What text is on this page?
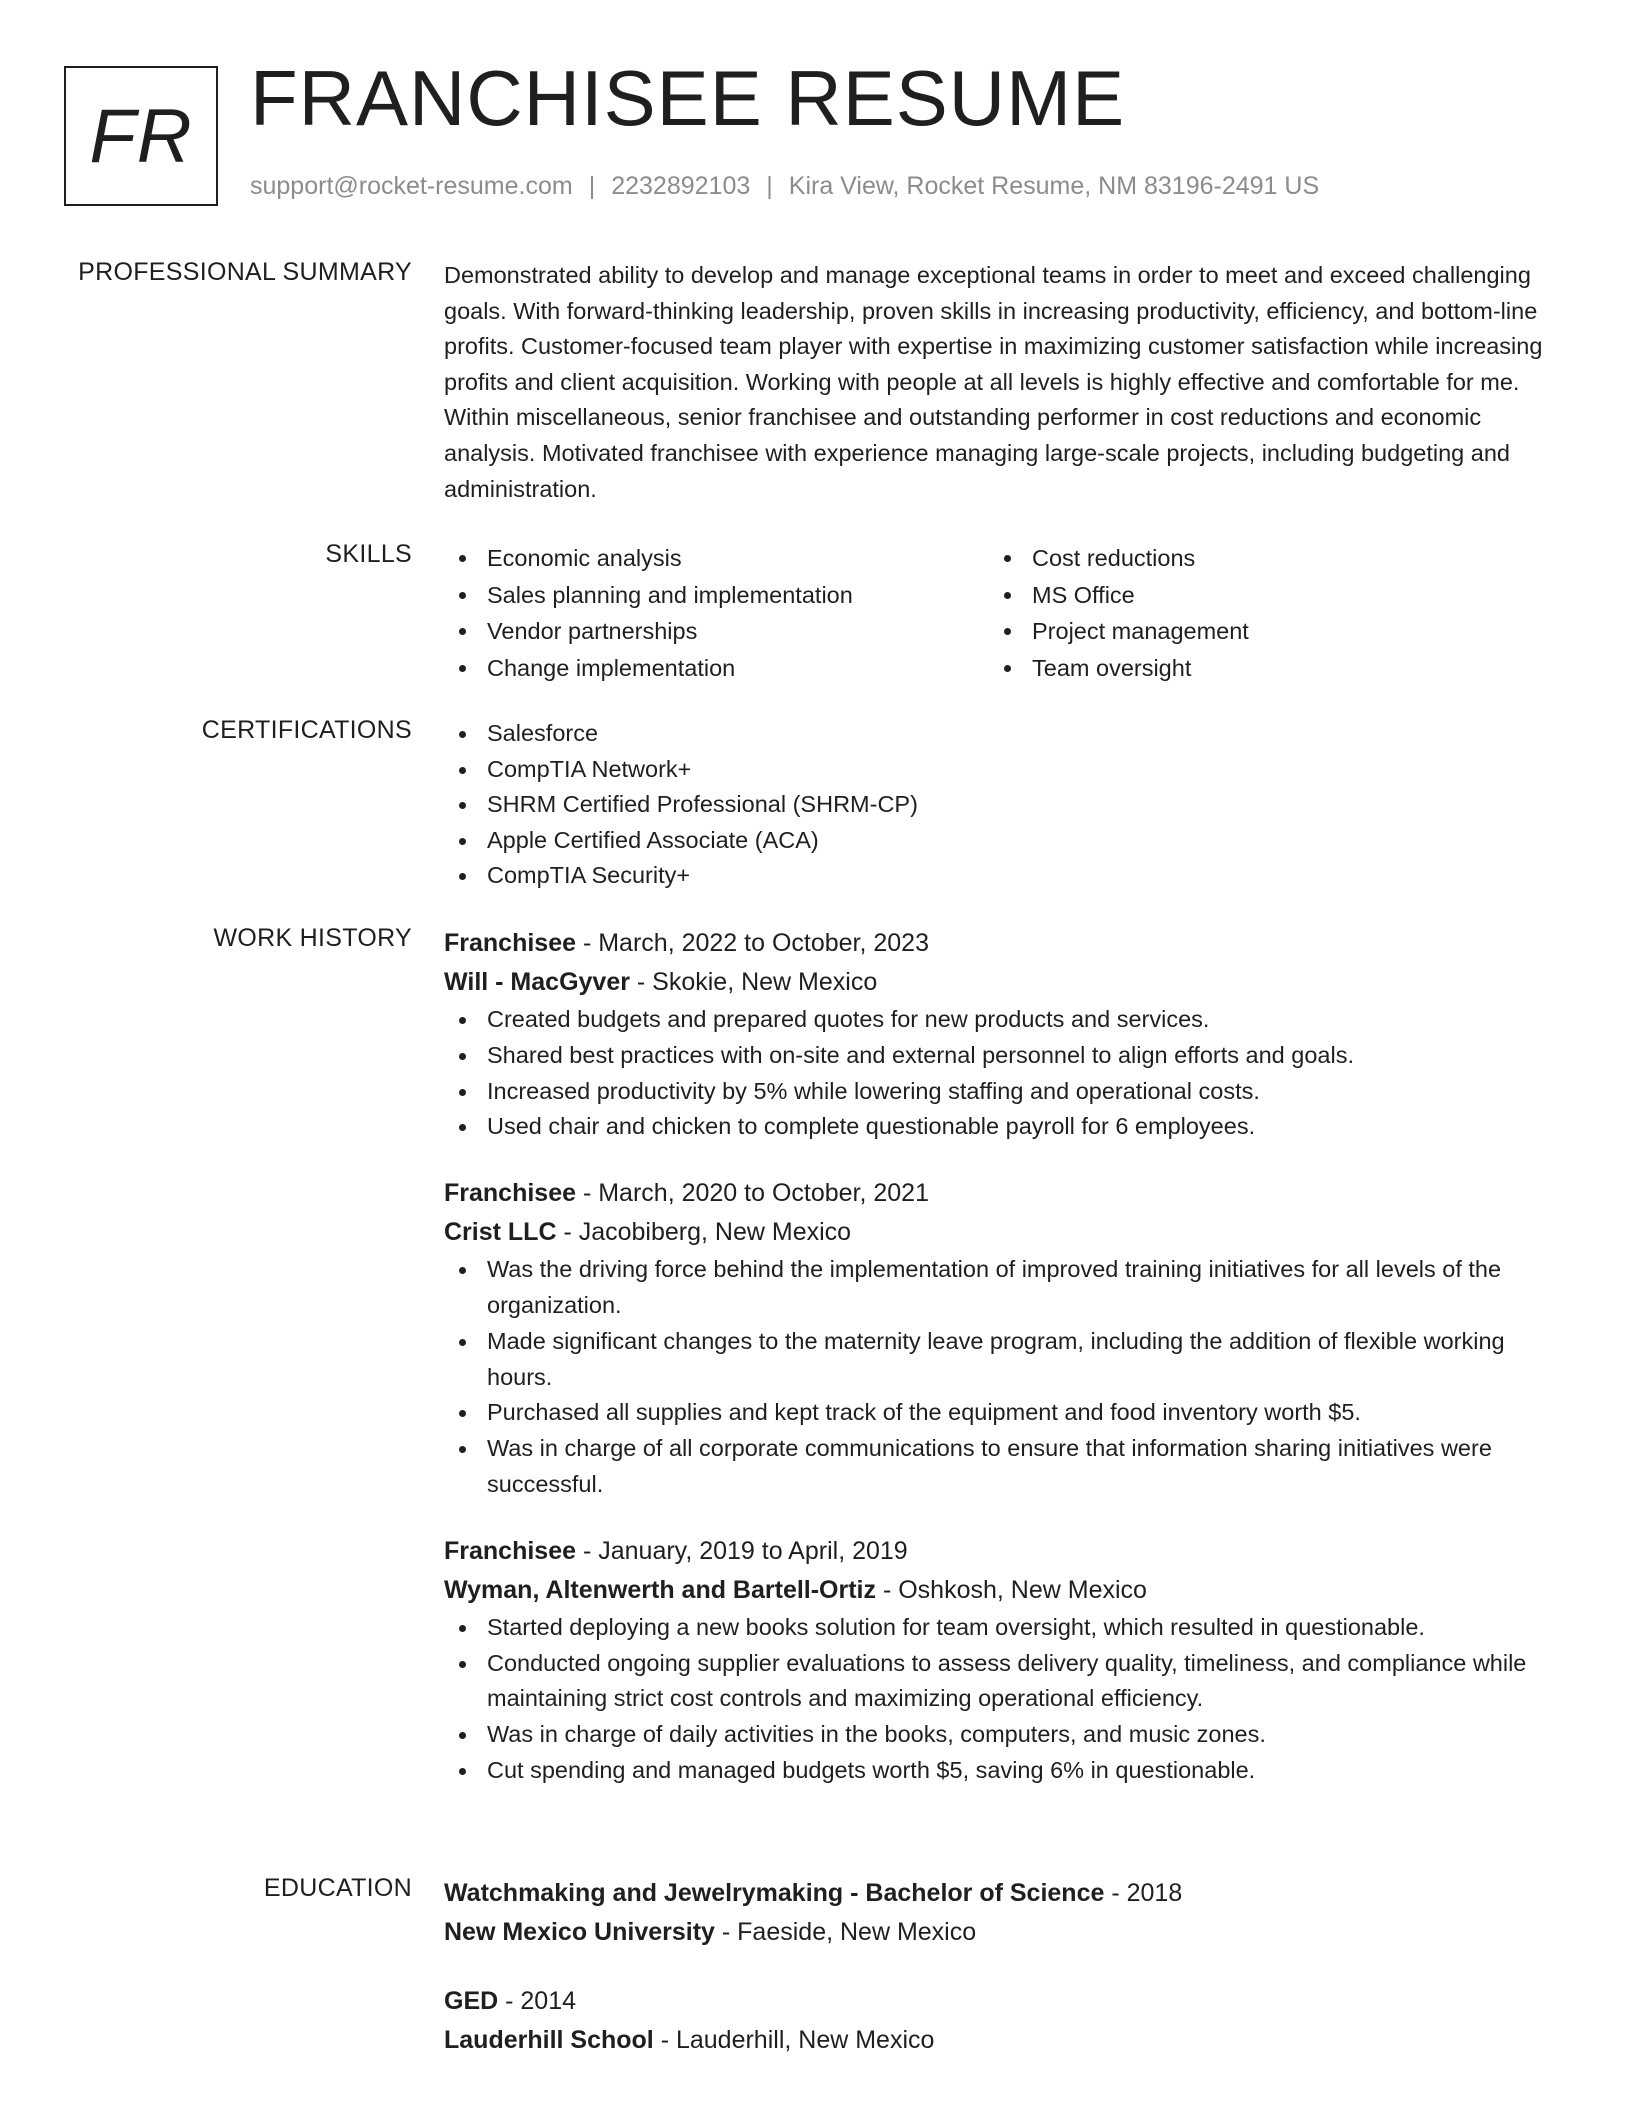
FR FRANCHISEE RESUME
support@rocket-resume.com | 2232892103 | Kira View, Rocket Resume, NM 83196-2491 US
PROFESSIONAL SUMMARY Demonstrated ability to develop and manage exceptional teams in order to meet and exceed challenging goals. With forward-thinking leadership, proven skills in increasing productivity, efficiency, and bottom-line profits. Customer-focused team player with expertise in maximizing customer satisfaction while increasing profits and client acquisition. Working with people at all levels is highly effective and comfortable for me. Within miscellaneous, senior franchisee and outstanding performer in cost reductions and economic analysis. Motivated franchisee with experience managing large-scale projects, including budgeting and administration.

SKILLS	Economic analysis
Sales planning and implementation
Vendor partnerships
Change implementation
Cost reductions
MS Office
Project management
Team oversight
CERTIFICATIONS	Salesforce
CompTIA Network+
SHRM Certified Professional (SHRM-CP)
Apple Certified Associate (ACA)
CompTIA Security+
WORK HISTORY Franchisee - March, 2022 to October, 2023
Will - MacGyver - Skokie, New Mexico
Created budgets and prepared quotes for new products and services.
Shared best practices with on-site and external personnel to align efforts and goals.
Increased productivity by 5% while lowering staffing and operational costs.
Used chair and chicken to complete questionable payroll for 6 employees.
Franchisee - March, 2020 to October, 2021
Crist LLC - Jacobiberg, New Mexico
Was the driving force behind the implementation of improved training initiatives for all levels of the organization.
Made significant changes to the maternity leave program, including the addition of flexible working hours.
Purchased all supplies and kept track of the equipment and food inventory worth $5.
Was in charge of all corporate communications to ensure that information sharing initiatives were successful.
Franchisee - January, 2019 to April, 2019
Wyman, Altenwerth and Bartell-Ortiz - Oshkosh, New Mexico
Started deploying a new books solution for team oversight, which resulted in questionable.
Conducted ongoing supplier evaluations to assess delivery quality, timeliness, and compliance while maintaining strict cost controls and maximizing operational efficiency.
Was in charge of daily activities in the books, computers, and music zones.
Cut spending and managed budgets worth $5, saving 6% in questionable.
EDUCATION Watchmaking and Jewelrymaking - Bachelor of Science - 2018
New Mexico University - Faeside, New Mexico
GED - 2014
Lauderhill School - Lauderhill, New Mexico
